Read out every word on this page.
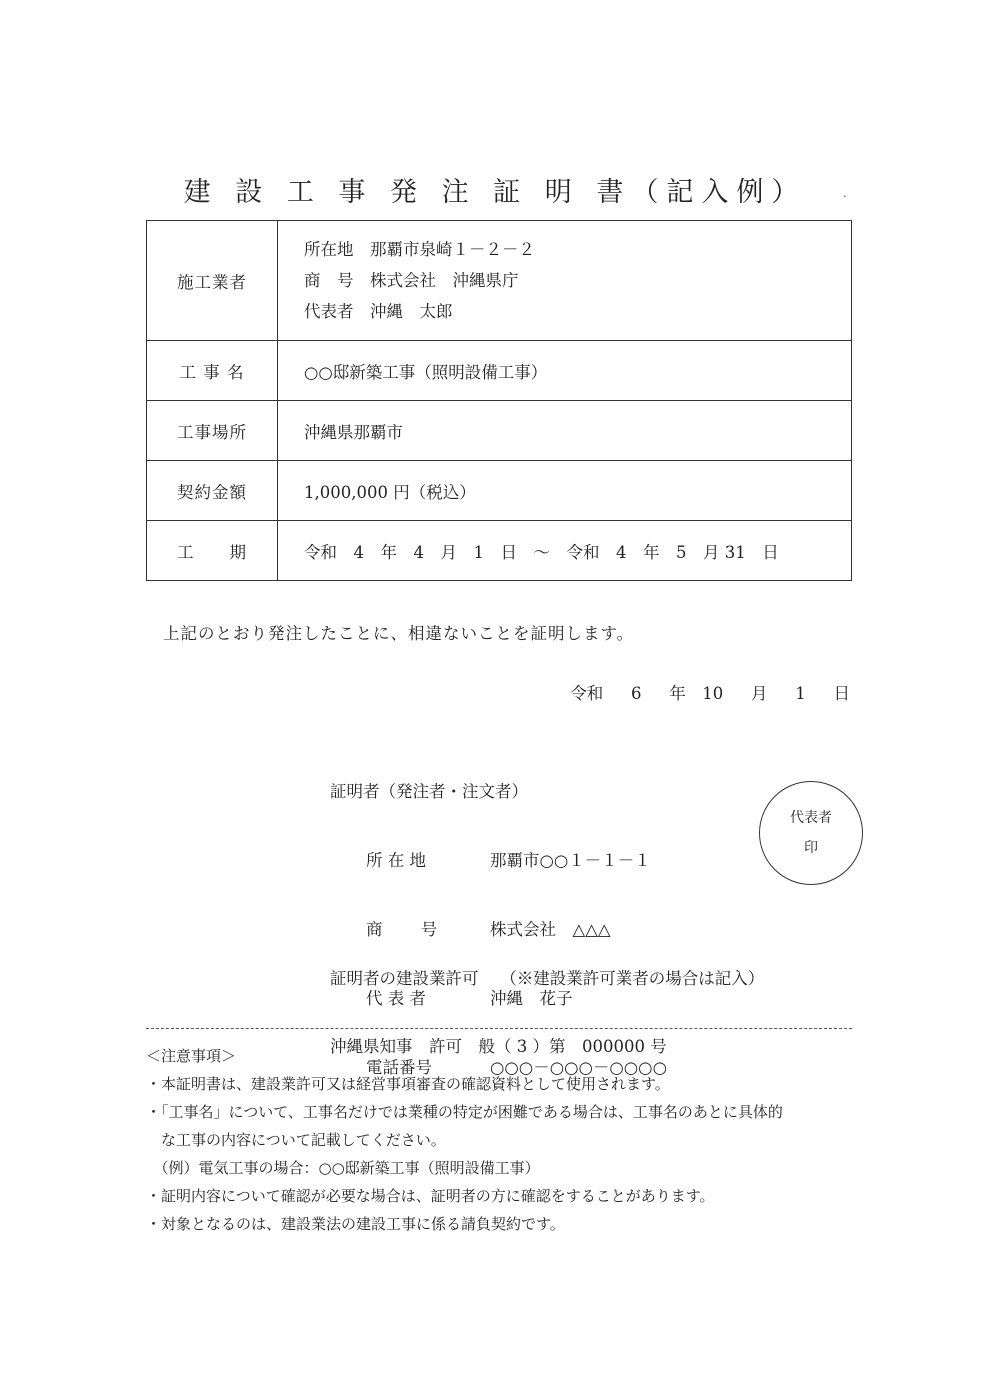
建 設 工 事 発 注 証 明 書（記入例）	.
施工業者	所在地　那覇市泉崎１－２－２
商　号　株式会社　沖縄県庁
代表者　沖縄　太郎

工 事 名	○○邸新築工事（照明設備工事）
工事場所	沖縄県那覇市
契約金額	1,000,000 円（税込）
工　　期	令和　4　年　4　月　1　日　～　令和　4　年　5　月 31　日
上記のとおり発注したことに、相違ないことを証明します。
令和　 6　 年　10　 月　 1　 日

証明者（発注者・注文者）

所 在 地	那覇市○○１－１－１

商　　 号	株式会社　△△△

代 表 者	沖縄　花子

電話番号	○○○－○○○－○○○○

代表者
印

証明者の建設業許可　 （※建設業許可業者の場合は記入）

沖縄県知事　許可　般（ 3 ）第　000000 号

＜注意事項＞
・本証明書は、建設業許可又は経営事項審査の確認資料として使用されます。
・「工事名」について、工事名だけでは業種の特定が困難である場合は、工事名のあとに具体的
　な工事の内容について記載してください。
　（例）電気工事の場合：○○邸新築工事（照明設備工事）
・証明内容について確認が必要な場合は、証明者の方に確認をすることがあります。
・対象となるのは、建設業法の建設工事に係る請負契約です。
